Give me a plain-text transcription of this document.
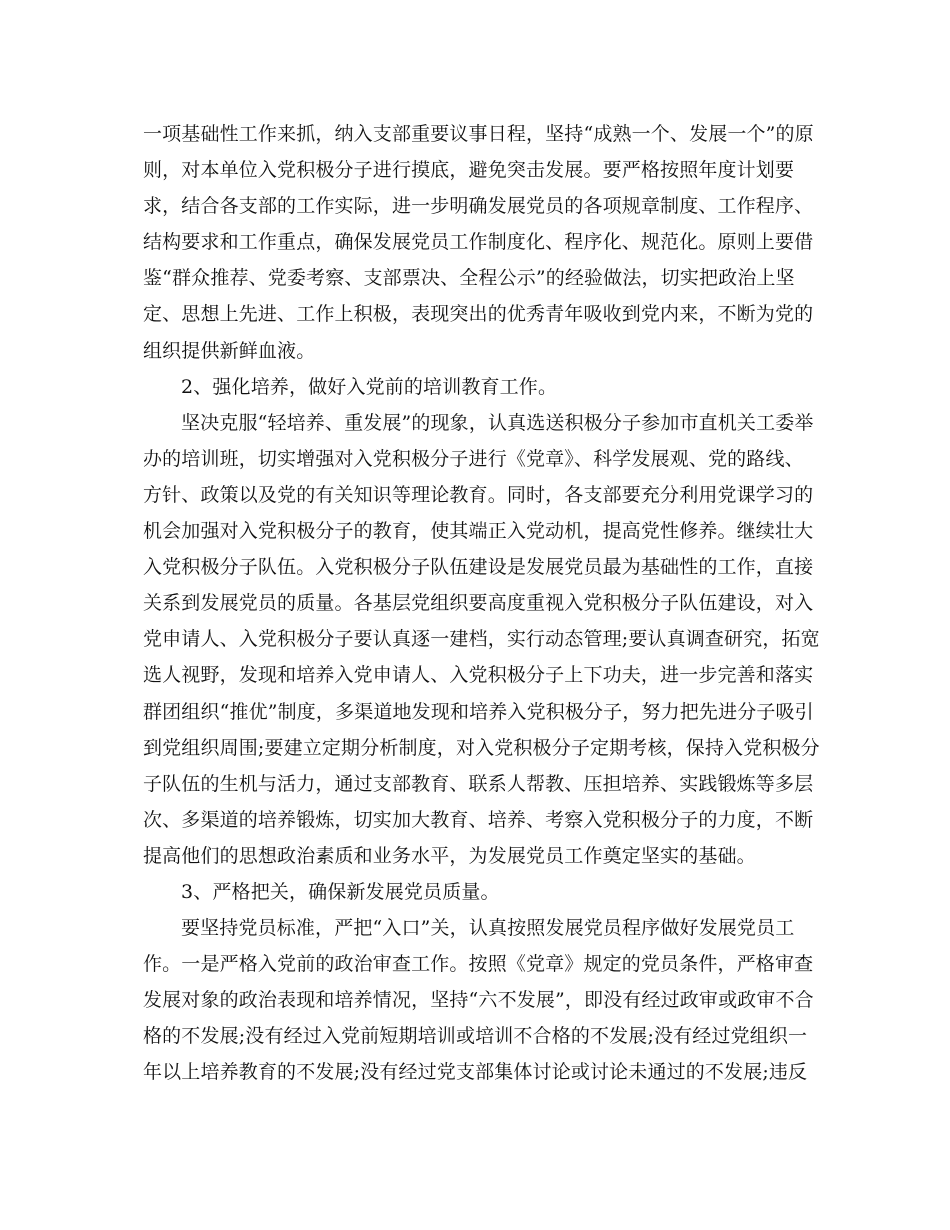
一项基础性工作来抓，纳入支部重要议事日程，坚持“成熟一个、发展一个”的原
则，对本单位入党积极分子进行摸底，避免突击发展。要严格按照年度计划要
求，结合各支部的工作实际，进一步明确发展党员的各项规章制度、工作程序、
结构要求和工作重点，确保发展党员工作制度化、程序化、规范化。原则上要借
鉴“群众推荐、党委考察、支部票决、全程公示”的经验做法，切实把政治上坚
定、思想上先进、工作上积极，表现突出的优秀青年吸收到党内来，不断为党的
组织提供新鲜血液。
2、强化培养，做好入党前的培训教育工作。
坚决克服“轻培养、重发展”的现象，认真选送积极分子参加市直机关工委举
办的培训班，切实增强对入党积极分子进行《党章》、科学发展观、党的路线、
方针、政策以及党的有关知识等理论教育。同时，各支部要充分利用党课学习的
机会加强对入党积极分子的教育，使其端正入党动机，提高党性修养。继续壮大
入党积极分子队伍。入党积极分子队伍建设是发展党员最为基础性的工作，直接
关系到发展党员的质量。各基层党组织要高度重视入党积极分子队伍建设，对入
党申请人、入党积极分子要认真逐一建档，实行动态管理;要认真调查研究，拓宽
选人视野，发现和培养入党申请人、入党积极分子上下功夫，进一步完善和落实
群团组织“推优”制度，多渠道地发现和培养入党积极分子，努力把先进分子吸引
到党组织周围;要建立定期分析制度，对入党积极分子定期考核，保持入党积极分
子队伍的生机与活力，通过支部教育、联系人帮教、压担培养、实践锻炼等多层
次、多渠道的培养锻炼，切实加大教育、培养、考察入党积极分子的力度，不断
提高他们的思想政治素质和业务水平，为发展党员工作奠定坚实的基础。
3、严格把关，确保新发展党员质量。
要坚持党员标准，严把“入口”关，认真按照发展党员程序做好发展党员工
作。一是严格入党前的政治审查工作。按照《党章》规定的党员条件，严格审查
发展对象的政治表现和培养情况，坚持“六不发展”，即没有经过政审或政审不合
格的不发展;没有经过入党前短期培训或培训不合格的不发展;没有经过党组织一
年以上培养教育的不发展;没有经过党支部集体讨论或讨论未通过的不发展;违反
